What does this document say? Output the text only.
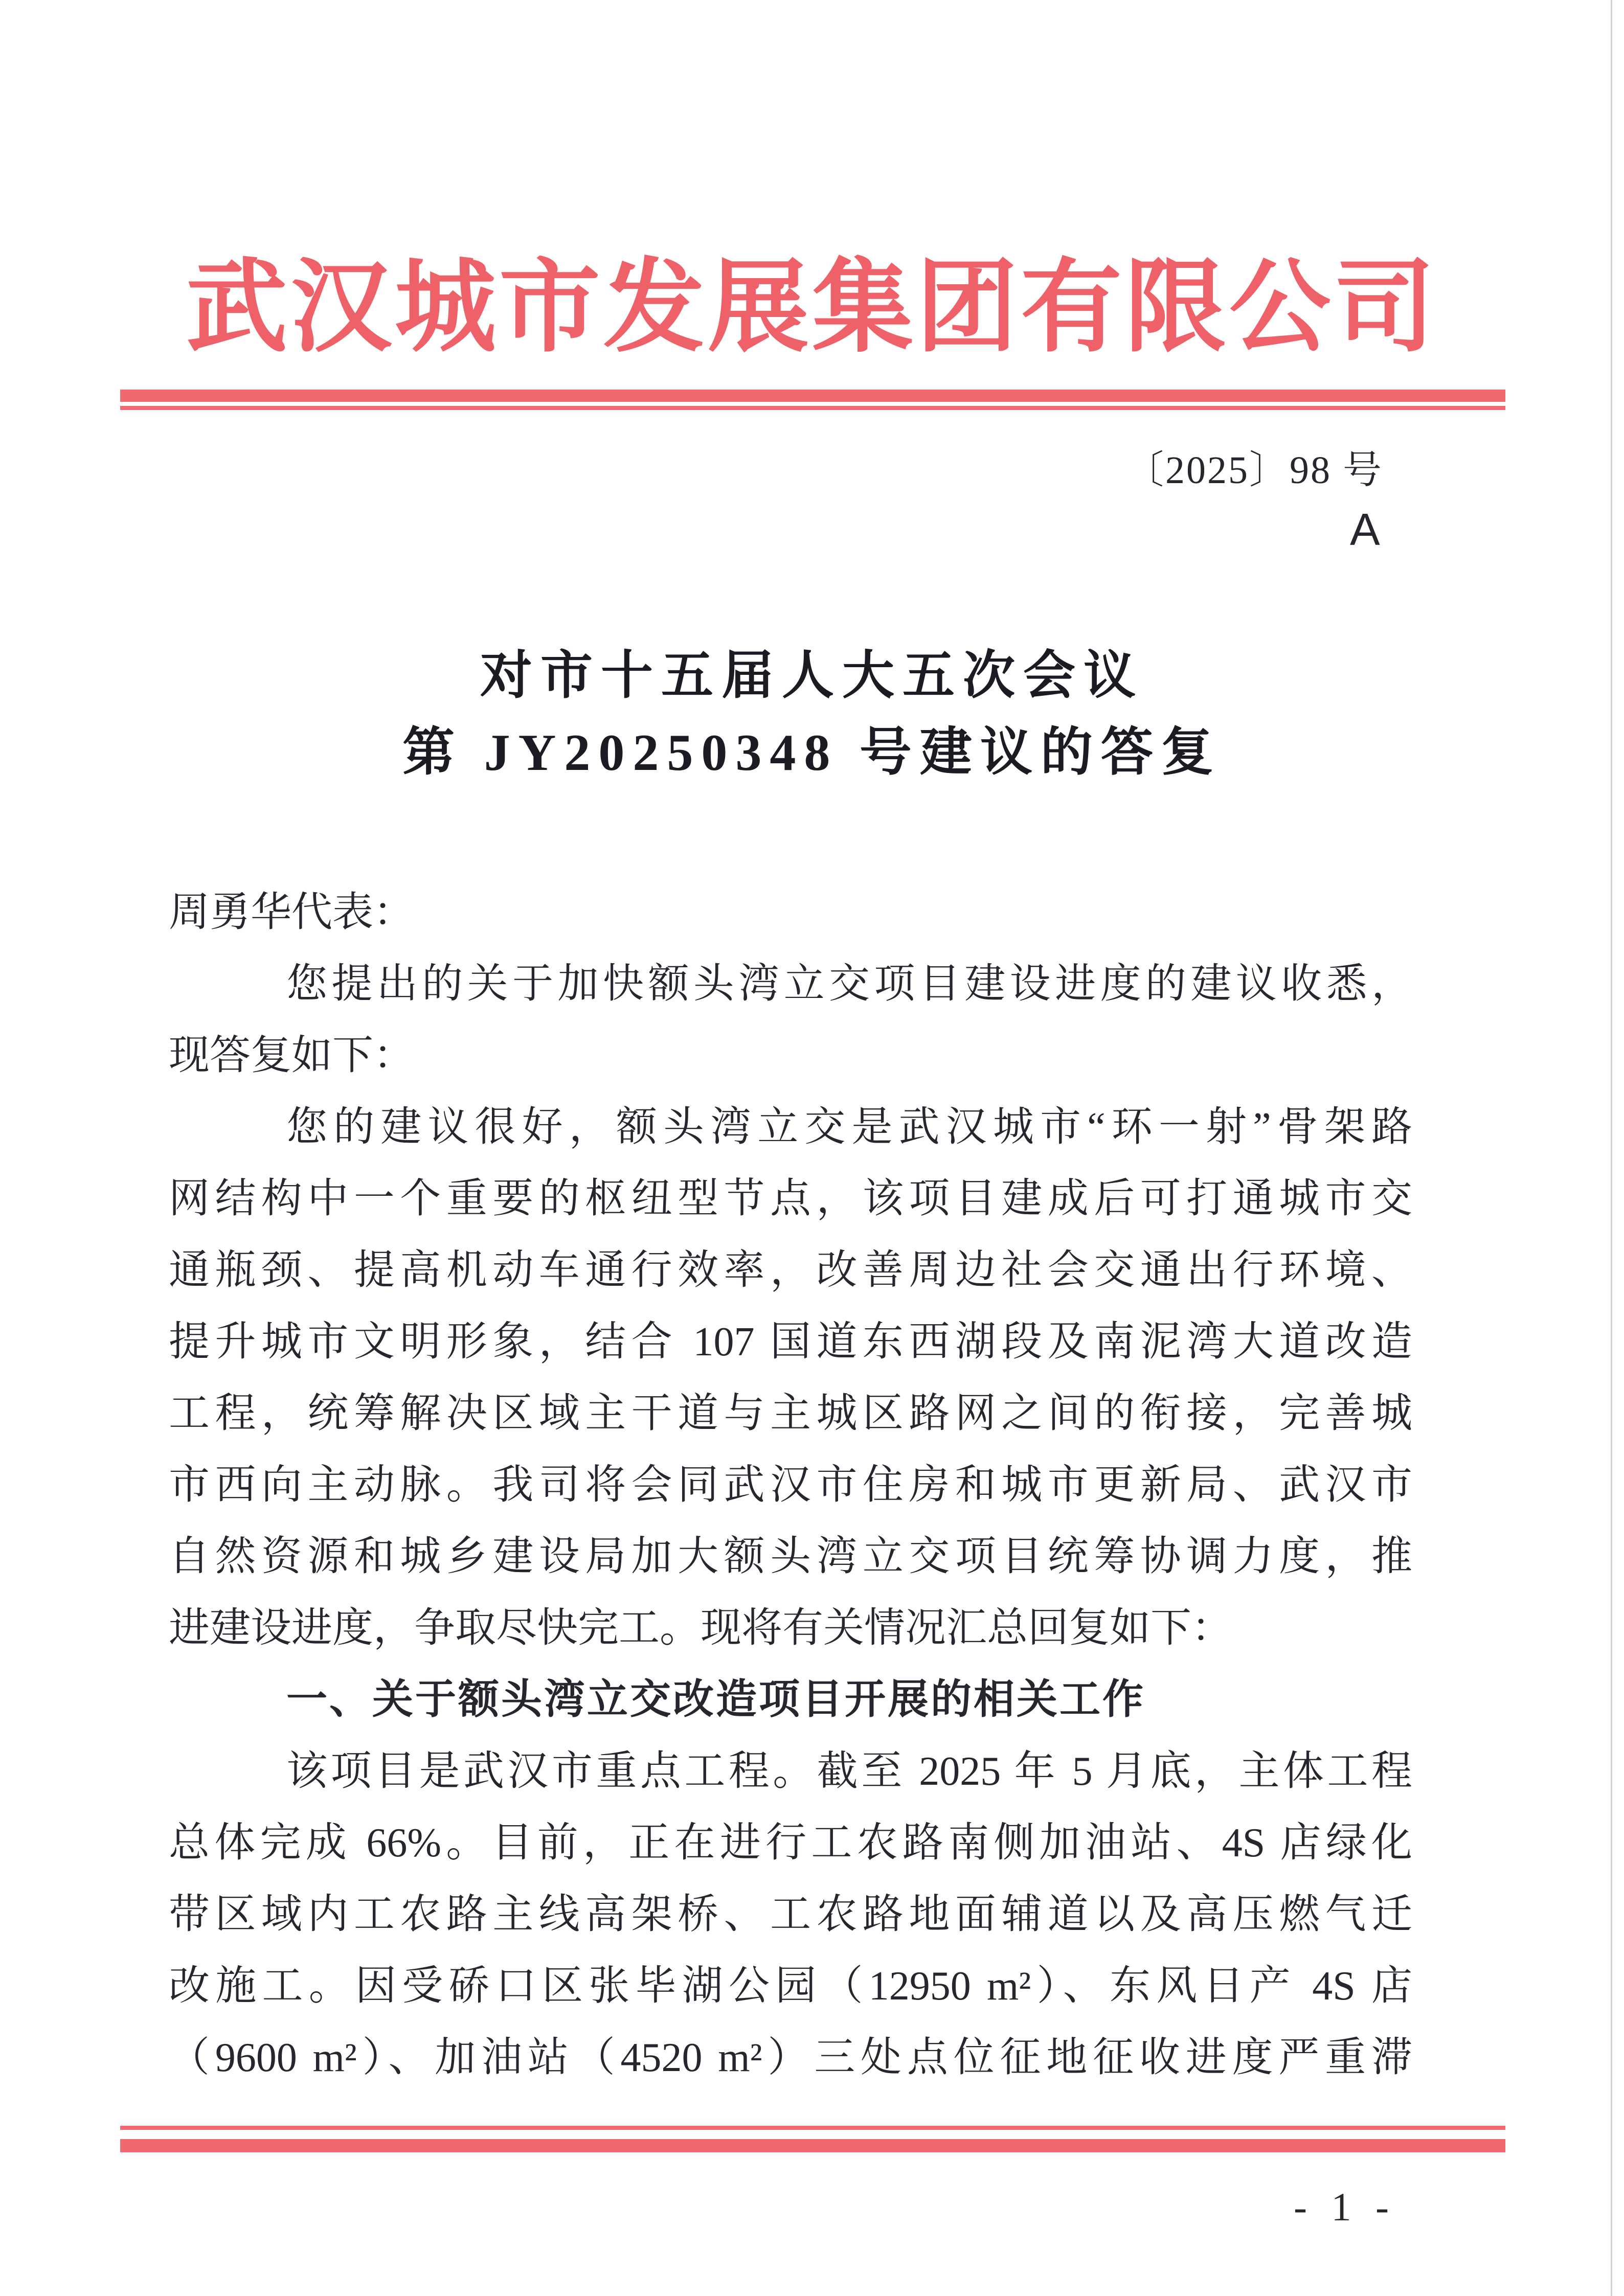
武汉城市发展集团有限公司
〔2025〕98 号
A
对市十五届人大五次会议
第 JY20250348 号建议的答复
周勇华代表：
您提出的关于加快额头湾立交项目建设进度的建议收悉，
现答复如下：
您的建议很好，额头湾立交是武汉城市“环一射”骨架路
网结构中一个重要的枢纽型节点，该项目建成后可打通城市交
通瓶颈、提高机动车通行效率，改善周边社会交通出行环境、
提升城市文明形象，结合 107 国道东西湖段及南泥湾大道改造
工程，统筹解决区域主干道与主城区路网之间的衔接，完善城
市西向主动脉。我司将会同武汉市住房和城市更新局、武汉市
自然资源和城乡建设局加大额头湾立交项目统筹协调力度，推
进建设进度，争取尽快完工。现将有关情况汇总回复如下：
一、关于额头湾立交改造项目开展的相关工作
该项目是武汉市重点工程。截至 2025 年 5 月底，主体工程
总体完成 66%。目前，正在进行工农路南侧加油站、4S 店绿化
带区域内工农路主线高架桥、工农路地面辅道以及高压燃气迁
改施工。因受硚口区张毕湖公园（12950 m²）、东风日产 4S 店
（9600 m²）、加油站（4520 m²）三处点位征地征收进度严重滞
- 1 -
